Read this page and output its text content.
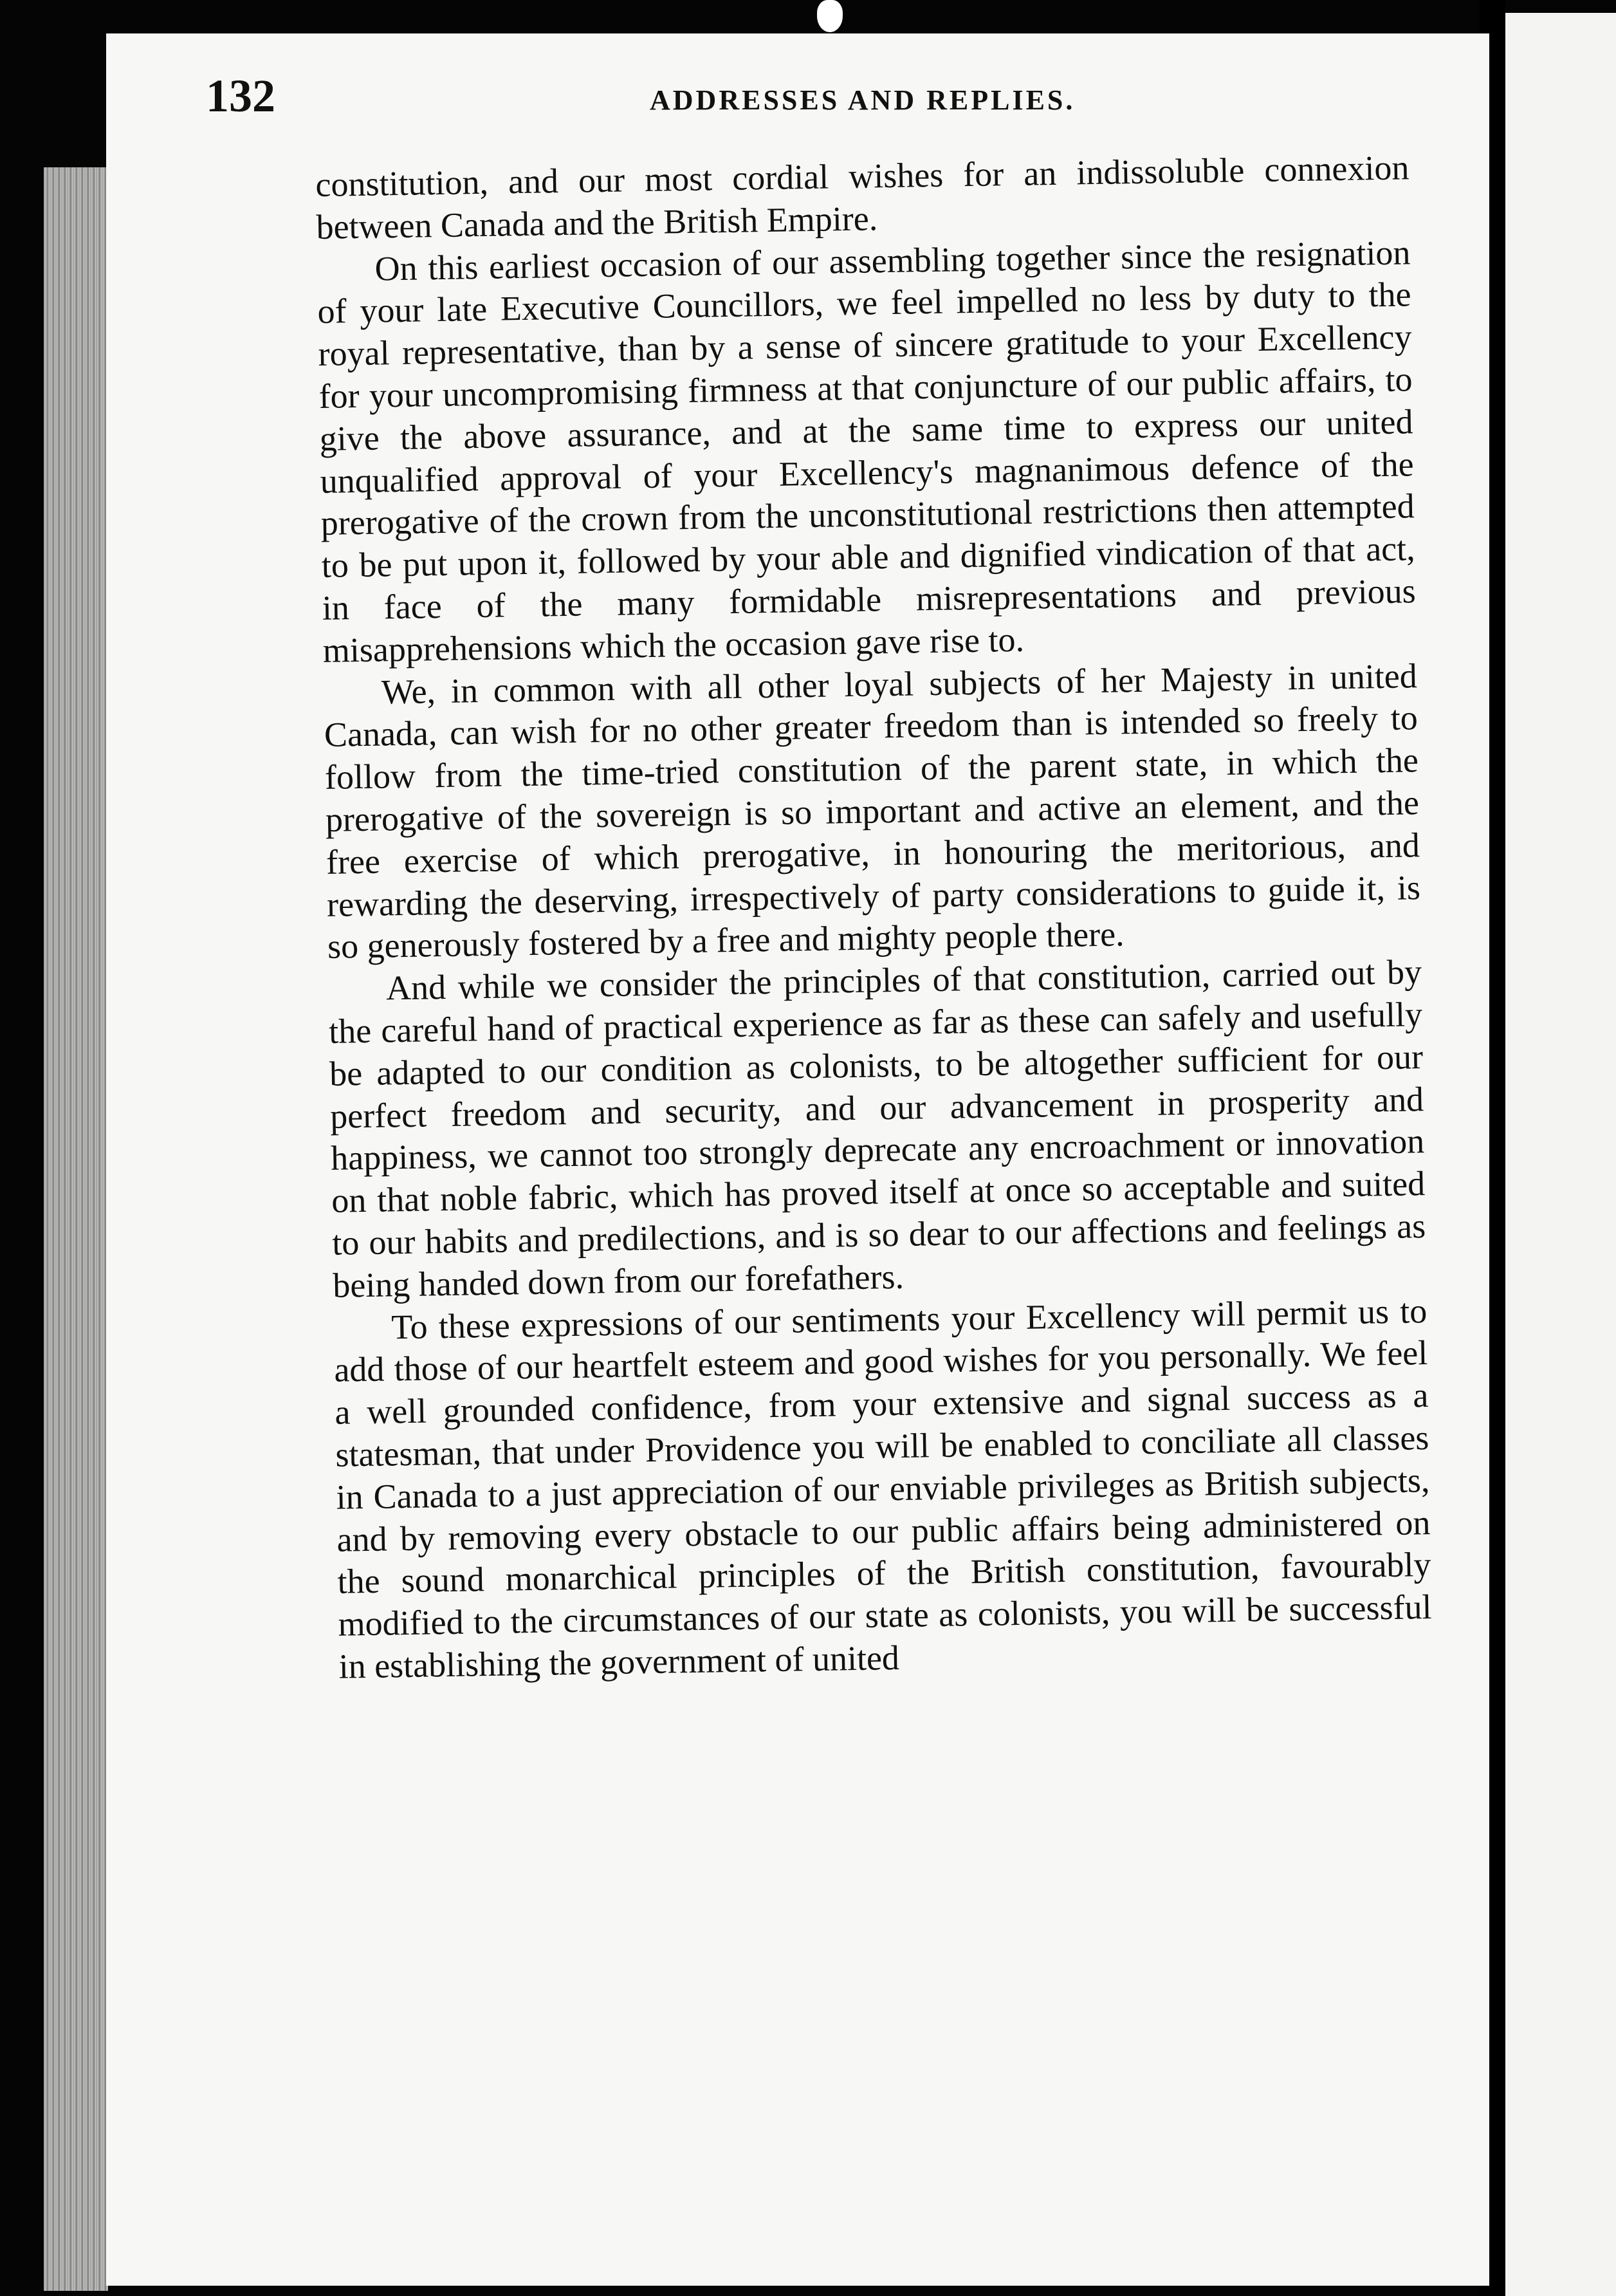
132	ADDRESSES AND REPLIES.

constitution, and our most cordial wishes for an indissoluble connexion between Canada and the British Empire.

On this earliest occasion of our assembling together since the resignation of your late Executive Councillors, we feel impelled no less by duty to the royal representative, than by a sense of sincere gratitude to your Excellency for your uncompromising firmness at that conjuncture of our public affairs, to give the above assurance, and at the same time to express our united unqualified approval of your Excellency's magnanimous defence of the prerogative of the crown from the unconstitutional restrictions then attempted to be put upon it, followed by your able and dignified vindication of that act, in face of the many formidable misrepresentations and previous misapprehensions which the occasion gave rise to.

We, in common with all other loyal subjects of her Majesty in united Canada, can wish for no other greater freedom than is intended so freely to follow from the time-tried constitution of the parent state, in which the prerogative of the sovereign is so important and active an element, and the free exercise of which prerogative, in honouring the meritorious, and rewarding the deserving, irrespectively of party considerations to guide it, is so generously fostered by a free and mighty people there.

And while we consider the principles of that constitution, carried out by the careful hand of practical experience as far as these can safely and usefully be adapted to our condition as colonists, to be altogether sufficient for our perfect freedom and security, and our advancement in prosperity and happiness, we cannot too strongly deprecate any encroachment or innovation on that noble fabric, which has proved itself at once so acceptable and suited to our habits and predilections, and is so dear to our affections and feelings as being handed down from our forefathers.

To these expressions of our sentiments your Excellency will permit us to add those of our heartfelt esteem and good wishes for you personally. We feel a well grounded confidence, from your extensive and signal success as a statesman, that under Providence you will be enabled to conciliate all classes in Canada to a just appreciation of our enviable privileges as British subjects, and by removing every obstacle to our public affairs being administered on the sound monarchical principles of the British constitution, favourably modified to the circumstances of our state as colonists, you will be successful in establishing the government of united
